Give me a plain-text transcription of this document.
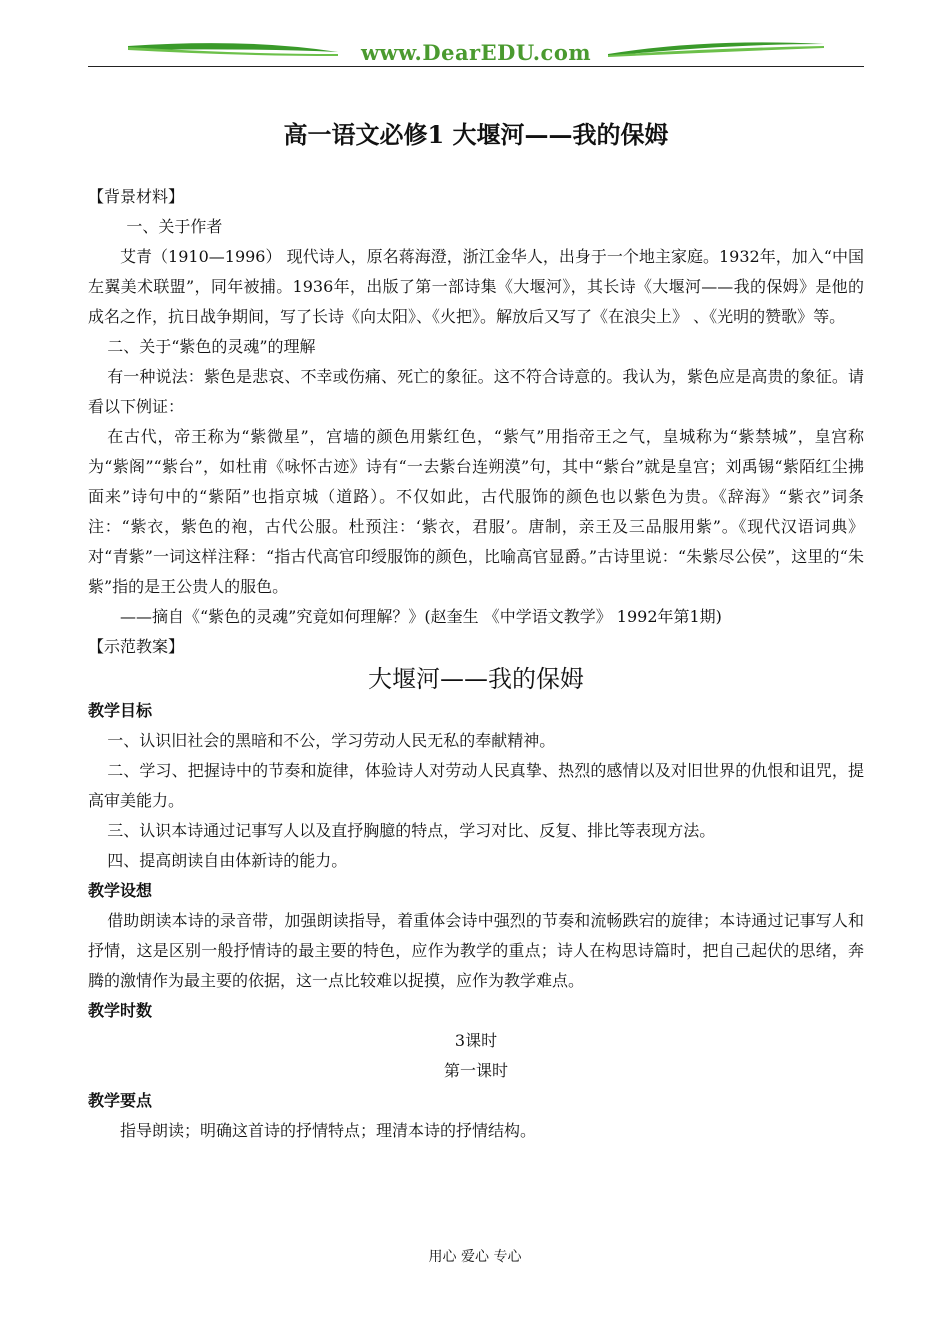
www.DearEDU.com

高一语文必修1 大堰河——我的保姆

【背景材料】

一、关于作者

艾青（1910—1996） 现代诗人，原名蒋海澄，浙江金华人，出身于一个地主家庭。1932年，加入“中国左翼美术联盟”，同年被捕。1936年，出版了第一部诗集《大堰河》，其长诗《大堰河——我的保姆》是他的成名之作，抗日战争期间，写了长诗《向太阳》、《火把》。解放后又写了《在浪尖上》 、《光明的赞歌》等。

二、关于“紫色的灵魂”的理解

有一种说法：紫色是悲哀、不幸或伤痛、死亡的象征。这不符合诗意的。我认为，紫色应是高贵的象征。请看以下例证：

在古代，帝王称为“紫微星”，宫墙的颜色用紫红色，“紫气”用指帝王之气，皇城称为“紫禁城”，皇宫称为“紫阁”“紫台”，如杜甫《咏怀古迹》诗有“一去紫台连朔漠”句，其中“紫台”就是皇宫；刘禹锡“紫陌红尘拂面来”诗句中的“紫陌”也指京城（道路）。不仅如此，古代服饰的颜色也以紫色为贵。《辞海》“紫衣”词条注：“紫衣，紫色的袍，古代公服。杜预注：‘紫衣，君服’。唐制，亲王及三品服用紫”。《现代汉语词典》对“青紫”一词这样注释：“指古代高官印绶服饰的颜色，比喻高官显爵。”古诗里说：“朱紫尽公侯”，这里的“朱紫”指的是王公贵人的服色。

——摘自《“紫色的灵魂”究竟如何理解？》(赵奎生 《中学语文教学》 1992年第1期)

【示范教案】

大堰河——我的保姆

教学目标

一、认识旧社会的黑暗和不公，学习劳动人民无私的奉献精神。

二、学习、把握诗中的节奏和旋律，体验诗人对劳动人民真挚、热烈的感情以及对旧世界的仇恨和诅咒，提高审美能力。

三、认识本诗通过记事写人以及直抒胸臆的特点，学习对比、反复、排比等表现方法。

四、提高朗读自由体新诗的能力。

教学设想

借助朗读本诗的录音带，加强朗读指导，着重体会诗中强烈的节奏和流畅跌宕的旋律；本诗通过记事写人和抒情，这是区别一般抒情诗的最主要的特色，应作为教学的重点；诗人在构思诗篇时，把自己起伏的思绪，奔腾的激情作为最主要的依据，这一点比较难以捉摸，应作为教学难点。

教学时数

3课时

第一课时

教学要点

指导朗读；明确这首诗的抒情特点；理清本诗的抒情结构。

用心 爱心 专心
